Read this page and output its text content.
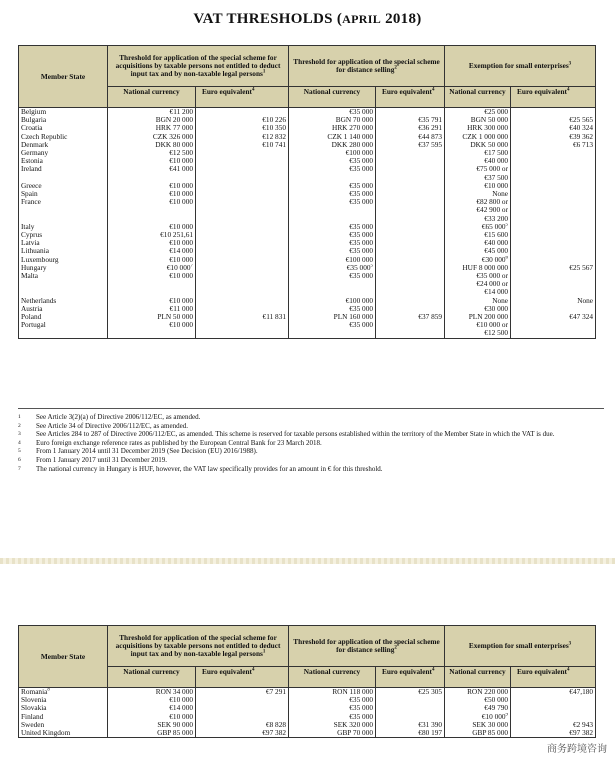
VAT THRESHOLDS (APRIL 2018)
Member State	Threshold for application of the special scheme for acquisitions by taxable persons not entitled to deduct input tax and by non-taxable legal persons$^1$		Threshold for application of the special scheme for distance selling$^2$		Exemption for small enterprises$^3$
	National currency	Euro equivalent$^4$	National currency	Euro equivalent$^4$	National currency	Euro equivalent$^4$
Belgium	€11 200		€35 000		€25 000	
Bulgaria	BGN 20 000	€10 226	BGN 70 000	€35 791	BGN 50 000	€25 565
Croatia	HRK 77 000	€10 350	HRK 270 000	€36 291	HRK 300 000	€40 324
Czech Republic	CZK 326 000	€12 832	CZK 1 140 000	€44 873	CZK 1 000 000	€39 362
Denmark	DKK 80 000	€10 741	DKK 280 000	€37 595	DKK 50 000	€6 713
Germany	€12 500		€100 000		€17 500	
Estonia	€10 000		€35 000		€40 000	

Ireland	€41 000		€35 000		€75 000 or	
					€37 500	
Greece	€10 000		€35 000		€10 000	
Spain	€10 000		€35 000		None	
France	€10 000		€35 000		€82 800 or	
					€42 900 or	
					€33 200	
Italy	€10 000		€35 000		€65 $000^5$	
Cyprus	€10 251,61		€35 000		€15 600	
Latvia	€10 000		€35 000		€40 000	
Lithuania	€14 000		€35 000		€45 000	
Luxembourg	€10 000		€100 000		€30 $000^6$	
Hungary	€10 $000^7$		€35 $000^5$		HUF 8 000 000	€25 567
Malta	€10 000		€35 000		€35 000 or	
					€24 000 or	
					€14 000	
Netherlands	€10 000		€100 000		None	None
Austria	€11 000		€35 000		€30 000	
Poland	PLN 50 000	€11 831	PLN 160 000	€37 859	PLN 200 000	€47 324
Portugal	€10 000		€35 000		€10 000 or	
					€12 500	
1	See Article 3(2)(a) of Directive 2006/112/EC, as amended.
2	See Article 34 of Directive 2006/112/EC, as amended.
3	See Articles 284 to 287 of Directive 2006/112/EC, as amended. This scheme is reserved for taxable persons established within the territory of the Member State in which the VAT is due.
4	Euro foreign exchange reference rates as published by the European Central Bank for 23 March 2018.
5	From 1 January 2014 until 31 December 2019 (See Decision (EU) 2016/1988).
6	From 1 January 2017 until 31 December 2019.
7	The national currency in Hungary is HUF, however, the VAT law specifically provides for an amount in € for this threshold.
Member State	Threshold for application of the special scheme for acquisitions by taxable persons not entitled to deduct input tax and by non-taxable legal persons$^1$		Threshold for application of the special scheme for distance selling$^2$		Exemption for small enterprises$^3$
	National currency	Euro equivalent$^4$	National currency	Euro equivalent$^4$	National currency	Euro equivalent$^4$
Romania$^8$	RON 34 000	€7 291	RON 118 000	€25 305	RON 220 000	€47,180
Slovenia	€10 000		€35 000		€50 000	
Slovakia	€14 000		€35 000		€49 790	
Finland	€10 000		€35 000		€10 $000^9$	
Sweden	SEK 90 000	€8 828	SEK 320 000	€31 390	SEK 30 000	€2 943
United Kingdom	GBP 85 000	€97 382	GBP 70 000	€80 197	GBP 85 000	€97 382
商务跨境咨询
